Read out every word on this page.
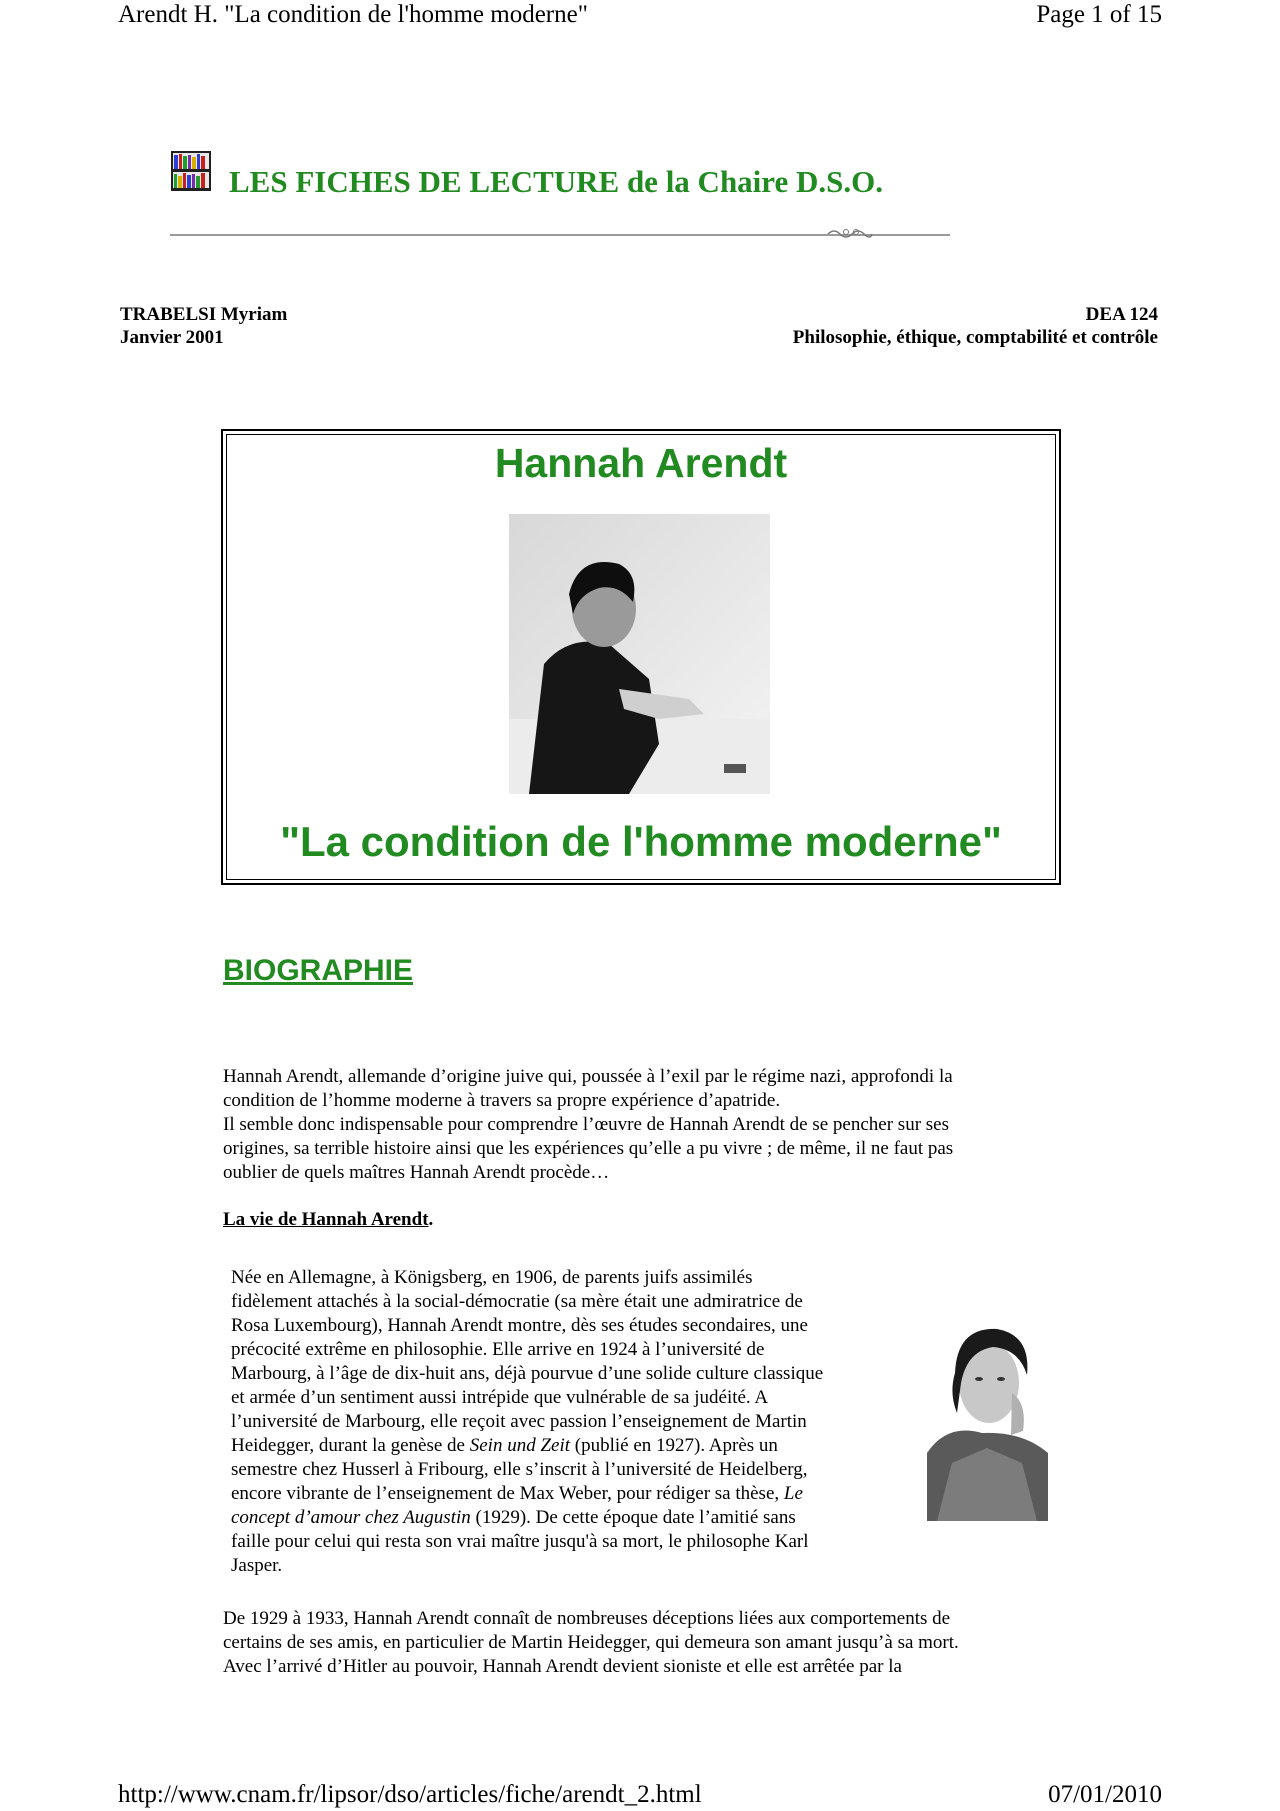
Arendt H. "La condition de l'homme moderne"	Page 1 of 15
LES FICHES DE LECTURE de la Chaire D.S.O.
TRABELSI Myriam
Janvier 2001
DEA 124
Philosophie, éthique, comptabilité et contrôle
Hannah Arendt
"La condition de l'homme moderne"
BIOGRAPHIE
Hannah Arendt, allemande d’origine juive qui, poussée à l’exil par le régime nazi, approfondi la
condition de l’homme moderne à travers sa propre expérience d’apatride.
Il semble donc indispensable pour comprendre l’œuvre de Hannah Arendt de se pencher sur ses
origines, sa terrible histoire ainsi que les expériences qu’elle a pu vivre ; de même, il ne faut pas
oublier de quels maîtres Hannah Arendt procède…
La vie de Hannah Arendt.
Née en Allemagne, à Königsberg, en 1906, de parents juifs assimilés
fidèlement attachés à la social-démocratie (sa mère était une admiratrice de
Rosa Luxembourg), Hannah Arendt montre, dès ses études secondaires, une
précocité extrême en philosophie. Elle arrive en 1924 à l’université de
Marbourg, à l’âge de dix-huit ans, déjà pourvue d’une solide culture classique
et armée d’un sentiment aussi intrépide que vulnérable de sa judéité. A
l’université de Marbourg, elle reçoit avec passion l’enseignement de Martin
Heidegger, durant la genèse de Sein und Zeit (publié en 1927). Après un
semestre chez Husserl à Fribourg, elle s’inscrit à l’université de Heidelberg,
encore vibrante de l’enseignement de Max Weber, pour rédiger sa thèse, Le
concept d’amour chez Augustin (1929). De cette époque date l’amitié sans
faille pour celui qui resta son vrai maître jusqu'à sa mort, le philosophe Karl
Jasper.
De 1929 à 1933, Hannah Arendt connaît de nombreuses déceptions liées aux comportements de
certains de ses amis, en particulier de Martin Heidegger, qui demeura son amant jusqu’à sa mort.
Avec l’arrivé d’Hitler au pouvoir, Hannah Arendt devient sioniste et elle est arrêtée par la
http://www.cnam.fr/lipsor/dso/articles/fiche/arendt_2.html	07/01/2010
